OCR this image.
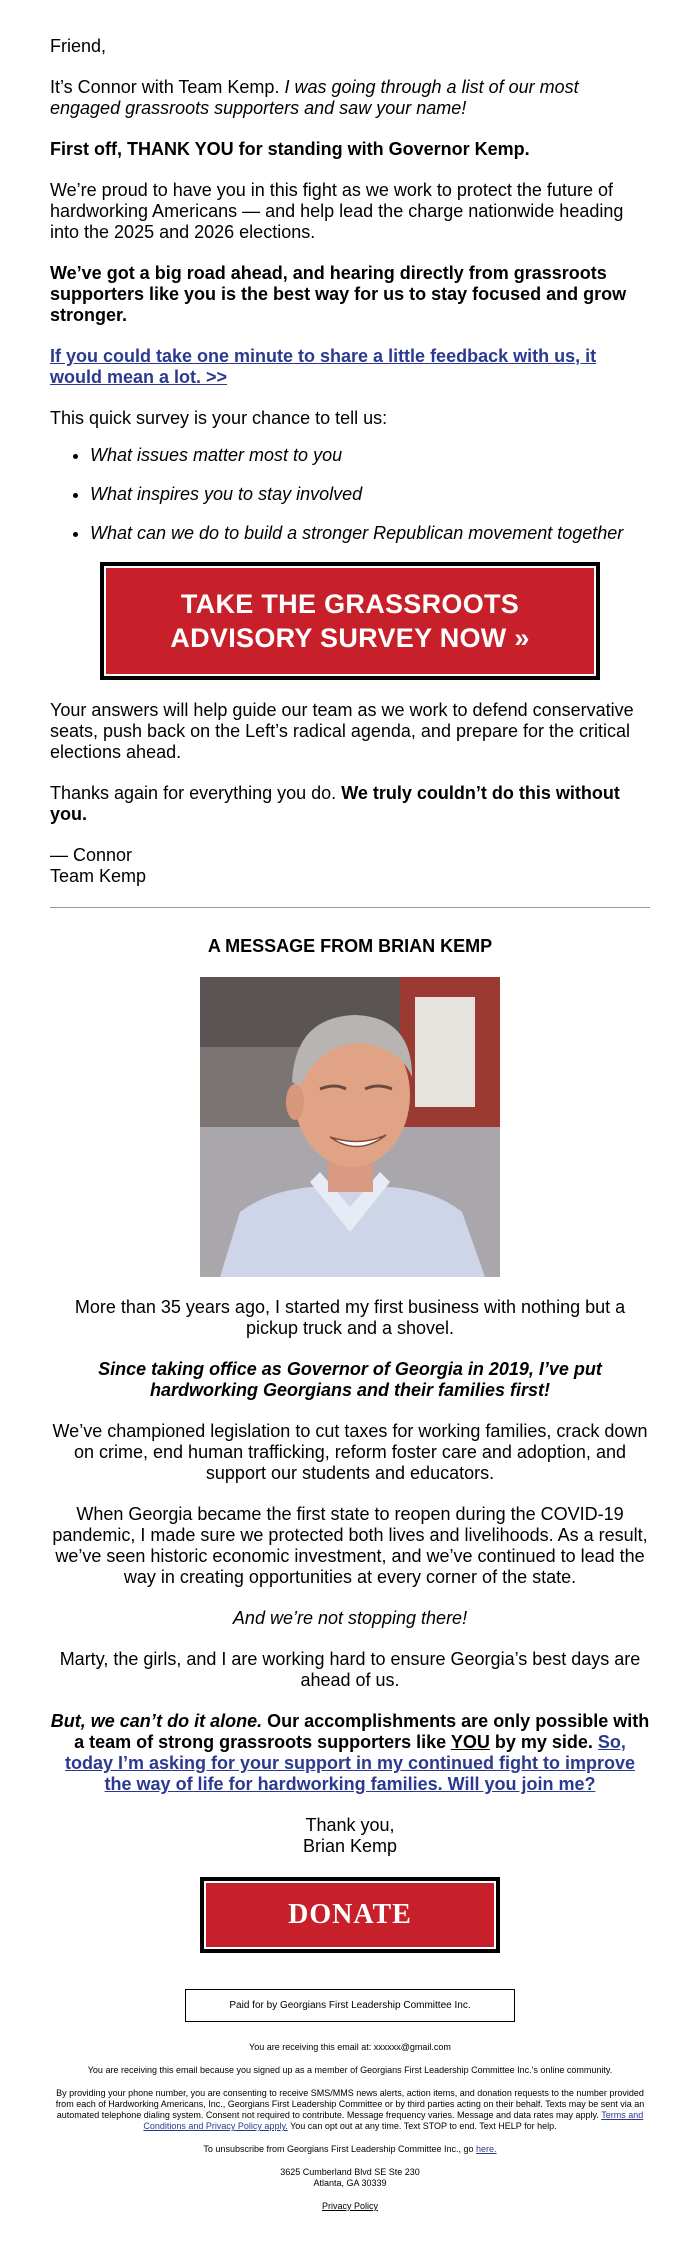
Friend,

It’s Connor with Team Kemp. I was going through a list of our most engaged grassroots supporters and saw your name!

First off, THANK YOU for standing with Governor Kemp.

We’re proud to have you in this fight as we work to protect the future of hardworking Americans — and help lead the charge nationwide heading into the 2025 and 2026 elections.

We’ve got a big road ahead, and hearing directly from grassroots supporters like you is the best way for us to stay focused and grow stronger.

If you could take one minute to share a little feedback with us, it would mean a lot. >>

This quick survey is your chance to tell us:

• What issues matter most to you
• What inspires you to stay involved
• What can we do to build a stronger Republican movement together
TAKE THE GRASSROOTS
ADVISORY SURVEY NOW »

Your answers will help guide our team as we work to defend conservative seats, push back on the Left’s radical agenda, and prepare for the critical elections ahead.

Thanks again for everything you do. We truly couldn’t do this without you.

— Connor

Team Kemp

A MESSAGE FROM BRIAN KEMP

More than 35 years ago, I started my first business with nothing but a pickup truck and a shovel.

Since taking office as Governor of Georgia in 2019, I’ve put hardworking Georgians and their families first!

We’ve championed legislation to cut taxes for working families, crack down on crime, end human trafficking, reform foster care and adoption, and support our students and educators.

When Georgia became the first state to reopen during the COVID-19 pandemic, I made sure we protected both lives and livelihoods. As a result, we’ve seen historic economic investment, and we’ve continued to lead the way in creating opportunities at every corner of the state.

And we’re not stopping there!

Marty, the girls, and I are working hard to ensure Georgia’s best days are ahead of us.

But, we can’t do it alone. Our accomplishments are only possible with a team of strong grassroots supporters like YOU by my side. So, today I’m asking for your support in my continued fight to improve the way of life for hardworking families. Will you join me?

Thank you,

Brian Kemp

DONATE
Paid for by Georgians First Leadership Committee Inc.

You are receiving this email at: xxxxxx@gmail.com

You are receiving this email because you signed up as a member of Georgians First Leadership Committee Inc.'s online community.

By providing your phone number, you are consenting to receive SMS/MMS news alerts, action items, and donation requests to the number provided from each of Hardworking Americans, Inc., Georgians First Leadership Committee or by third parties acting on their behalf. Texts may be sent via an automated telephone dialing system. Consent not required to contribute. Message frequency varies. Message and data rates may apply. Terms and Conditions and Privacy Policy apply. You can opt out at any time. Text STOP to end. Text HELP for help.

To unsubscribe from Georgians First Leadership Committee Inc., go here.

3625 Cumberland Blvd SE Ste 230
Atlanta, GA 30339

Privacy Policy
